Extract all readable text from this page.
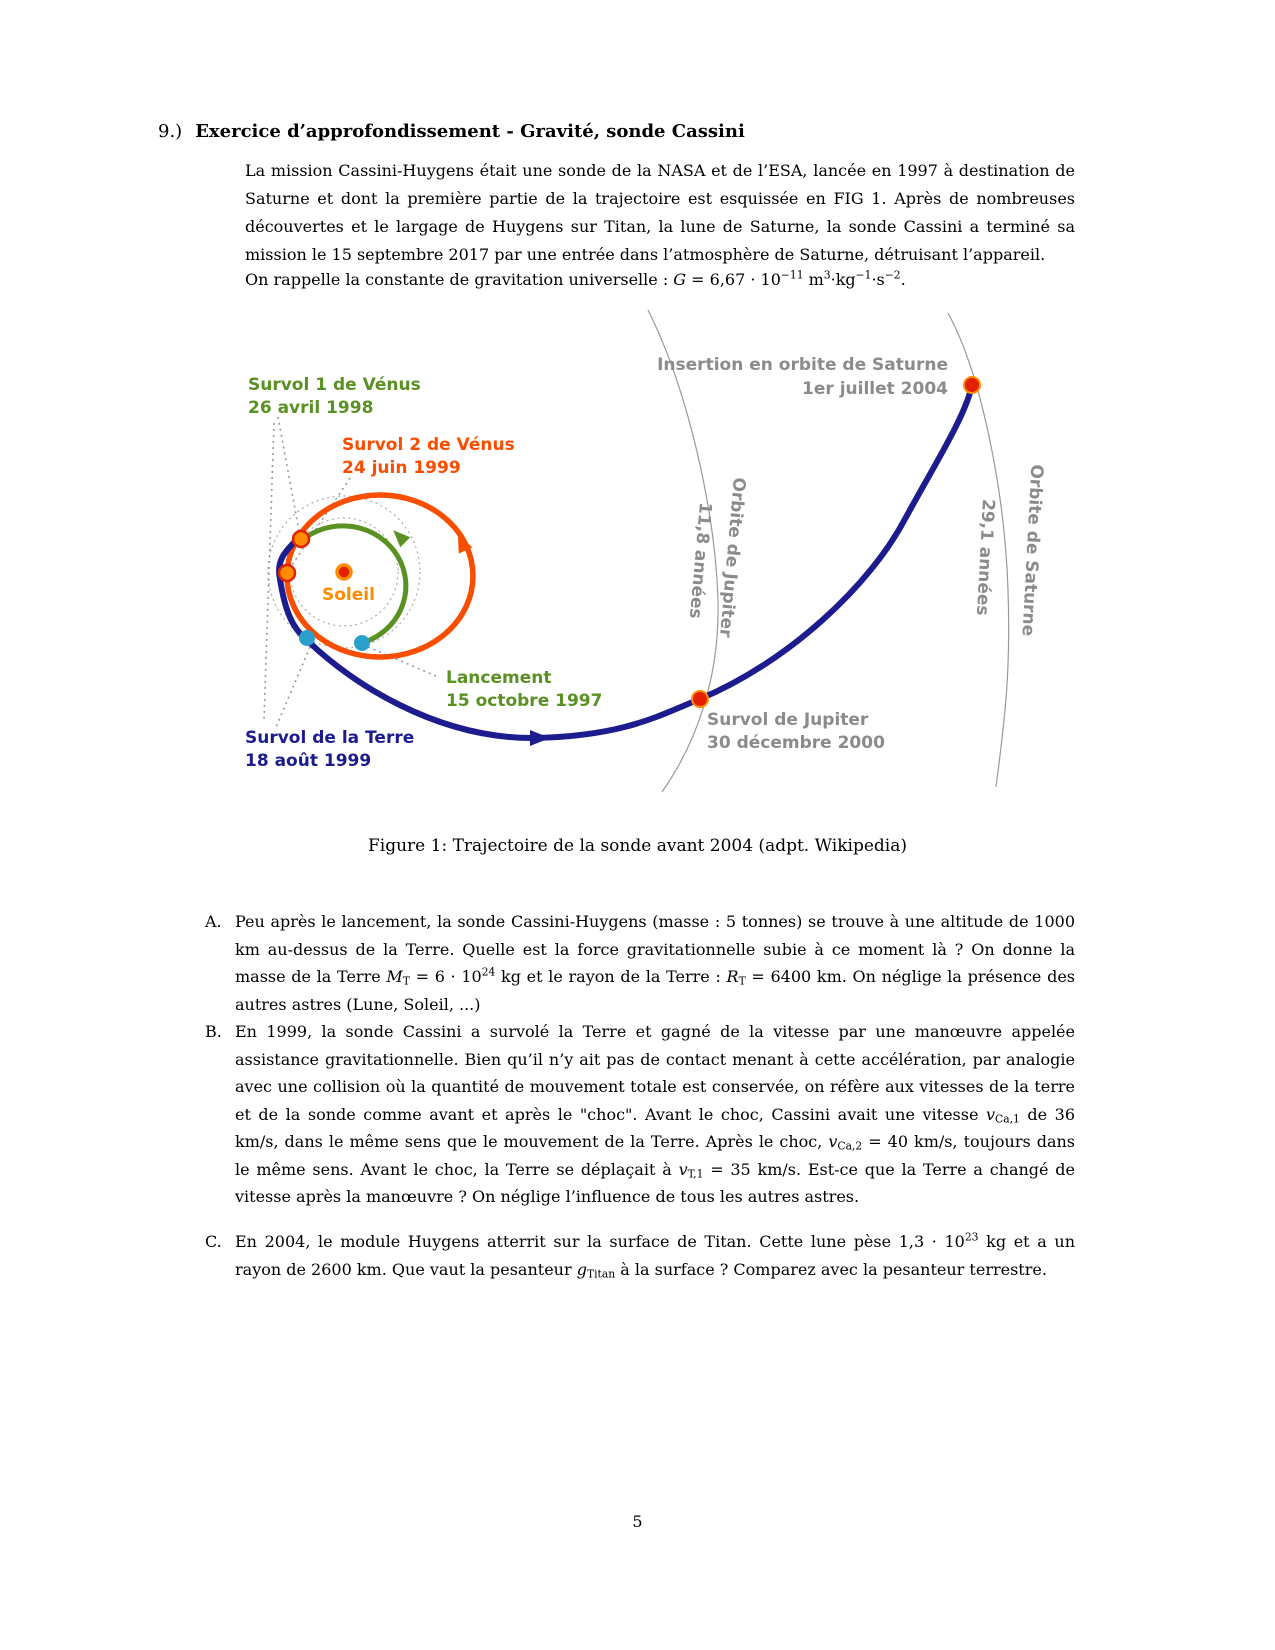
9.) Exercice d’approfondissement - Gravité, sonde Cassini

La mission Cassini-Huygens était une sonde de la NASA et de l’ESA, lancée en 1997 à destination de Saturne et dont la première partie de la trajectoire est esquissée en FIG 1. Après de nombreuses découvertes et le largage de Huygens sur Titan, la lune de Saturne, la sonde Cassini a terminé sa mission le 15 septembre 2017 par une entrée dans l’atmosphère de Saturne, détruisant l’appareil.

On rappelle la constante de gravitation universelle : $G = 6,67 \cdot 10^{-11}$ $m^3\cdot kg^{-1}\cdot s^{-2}$.

Survol 1 de Vénus
26 avril 1998
Survol 2 de Vénus
24 juin 1999
Insertion en orbite de Saturne
1er juillet 2004
Soleil
Lancement
15 octobre 1997
Survol de la Terre
18 août 1999
Survol de Jupiter
30 décembre 2000
Orbite de Jupiter
11,8 années	Orbite de Saturne
29,1 années
Figure 1: Trajectoire de la sonde avant 2004 (adpt. Wikipedia)
A. Peu après le lancement, la sonde Cassini-Huygens (masse : 5 tonnes) se trouve à une altitude de 1000 km au-dessus de la Terre. Quelle est la force gravitationnelle subie à ce moment là ? On donne la masse de la Terre $M_T = 6 \cdot 10^{24}$ kg et le rayon de la Terre : $R_T = 6400$ km. On néglige la présence des autres astres (Lune, Soleil, ...)
B. En 1999, la sonde Cassini a survolé la Terre et gagné de la vitesse par une manœuvre appelée assistance gravitationnelle. Bien qu’il n’y ait pas de contact menant à cette accélération, par analogie avec une collision où la quantité de mouvement totale est conservée, on réfère aux vitesses de la terre et de la sonde comme avant et après le "choc". Avant le choc, Cassini avait une vitesse $v_{Ca,1}$ de 36 km/s, dans le même sens que le mouvement de la Terre. Après le choc, $v_{Ca,2} = 40$ km/s, toujours dans le même sens. Avant le choc, la Terre se déplaçait à $v_{T,1} = 35$ km/s. Est-ce que la Terre a changé de vitesse après la manœuvre ? On néglige l’influence de tous les autres astres.
C. En 2004, le module Huygens atterrit sur la surface de Titan. Cette lune pèse $1,3 \cdot 10^{23}$ kg et a un rayon de 2600 km. Que vaut la pesanteur $g_{Titan}$ à la surface ? Comparez avec la pesanteur terrestre.
5
